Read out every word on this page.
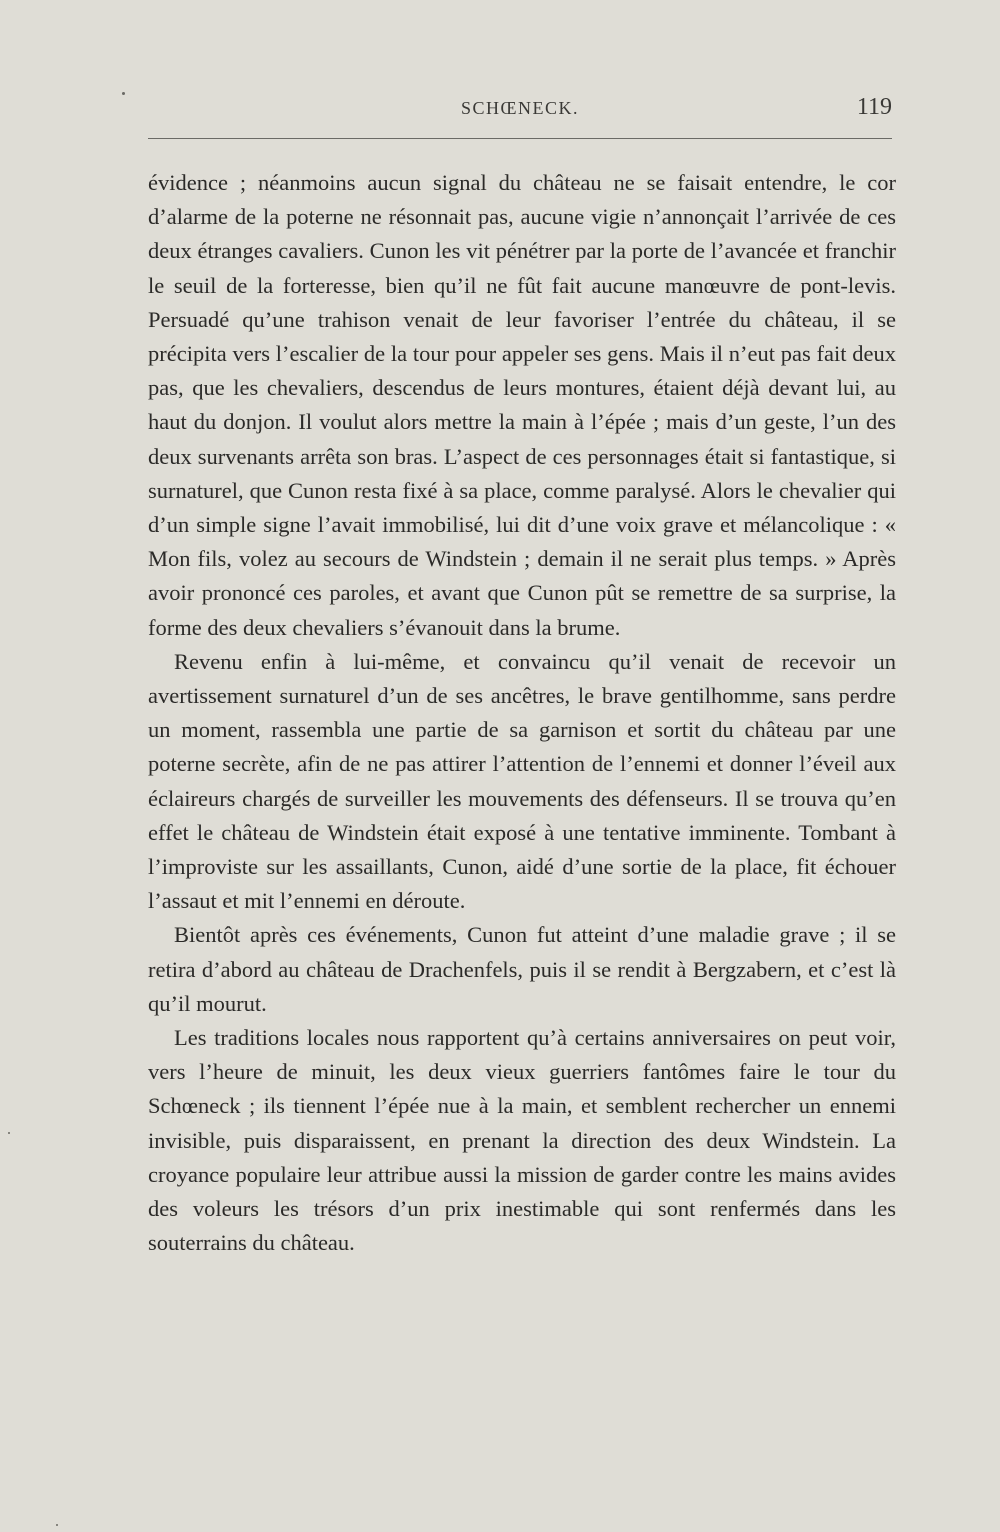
SCHŒNECK.	119

évidence ; néanmoins aucun signal du château ne se faisait entendre, le cor d’alarme de la poterne ne résonnait pas, aucune vigie n’annonçait l’arrivée de ces deux étranges cavaliers. Cunon les vit pénétrer par la porte de l’avancée et franchir le seuil de la forteresse, bien qu’il ne fût fait aucune manœuvre de pont-levis. Persuadé qu’une trahison venait de leur favoriser l’entrée du château, il se précipita vers l’escalier de la tour pour appeler ses gens. Mais il n’eut pas fait deux pas, que les chevaliers, descendus de leurs montures, étaient déjà devant lui, au haut du donjon. Il voulut alors mettre la main à l’épée ; mais d’un geste, l’un des deux survenants arrêta son bras. L’aspect de ces personnages était si fantastique, si surnaturel, que Cunon resta fixé à sa place, comme paralysé. Alors le chevalier qui d’un simple signe l’avait immobilisé, lui dit d’une voix grave et mélancolique : « Mon fils, volez au secours de Windstein ; demain il ne serait plus temps. » Après avoir prononcé ces paroles, et avant que Cunon pût se remettre de sa surprise, la forme des deux chevaliers s’évanouit dans la brume.

Revenu enfin à lui-même, et convaincu qu’il venait de recevoir un avertissement surnaturel d’un de ses ancêtres, le brave gentilhomme, sans perdre un moment, rassembla une partie de sa garnison et sortit du château par une poterne secrète, afin de ne pas attirer l’attention de l’ennemi et donner l’éveil aux éclaireurs chargés de surveiller les mouvements des défenseurs. Il se trouva qu’en effet le château de Windstein était exposé à une tentative imminente. Tombant à l’improviste sur les assaillants, Cunon, aidé d’une sortie de la place, fit échouer l’assaut et mit l’ennemi en déroute.

Bientôt après ces événements, Cunon fut atteint d’une maladie grave ; il se retira d’abord au château de Drachenfels, puis il se rendit à Bergzabern, et c’est là qu’il mourut.

Les traditions locales nous rapportent qu’à certains anniversaires on peut voir, vers l’heure de minuit, les deux vieux guerriers fantômes faire le tour du Schœneck ; ils tiennent l’épée nue à la main, et semblent rechercher un ennemi invisible, puis disparaissent, en prenant la direction des deux Windstein. La croyance populaire leur attribue aussi la mission de garder contre les mains avides des voleurs les trésors d’un prix inestimable qui sont renfermés dans les souterrains du château.
